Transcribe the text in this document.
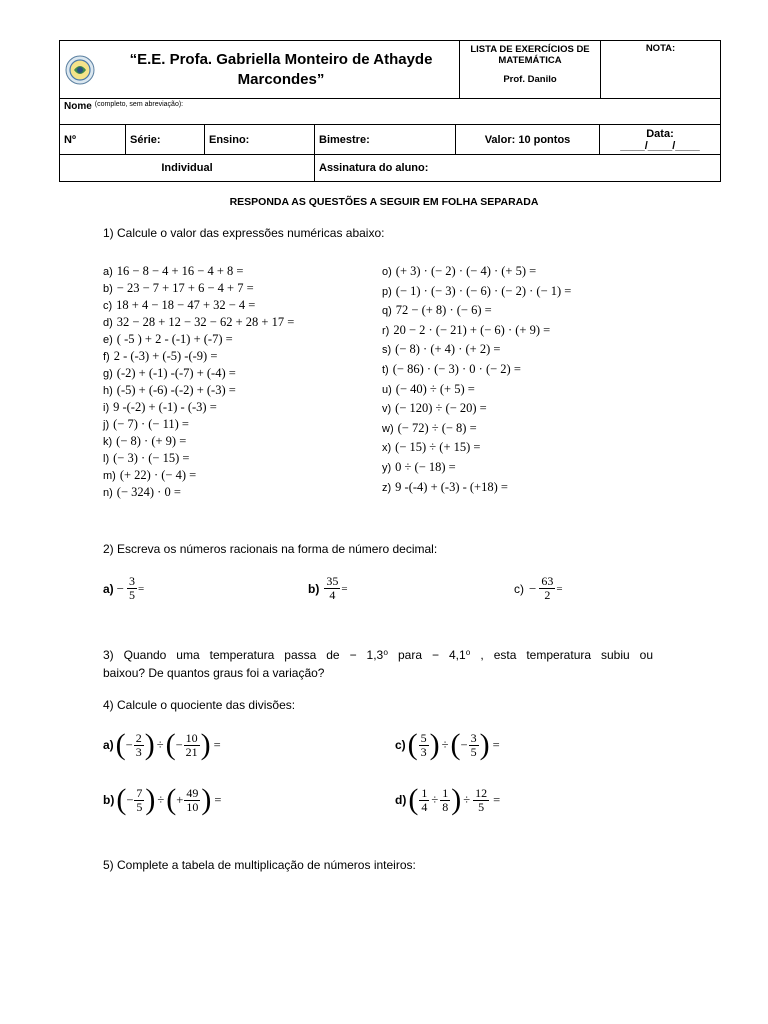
“E.E. Profa. Gabriella Monteiro de Athayde Marcondes”
LISTA DE EXERCÍCIOS DE
MATEMÁTICA
Prof. Danilo
NOTA:
Nome (completo, sem abreviação):
Nº	Série:	Ensino:	Bimestre:	Valor: 10 pontos	Data:
____/____/____
Individual	Assinatura do aluno:
RESPONDA AS QUESTÕES A SEGUIR EM FOLHA SEPARADA
1) Calcule o valor das expressões numéricas abaixo:
a) 16 − 8 − 4 + 16 − 4 + 8 =
b) − 23 − 7 + 17 + 6 − 4 + 7 =
c) 18 + 4 − 18 − 47 + 32 − 4 =
d) 32 − 28 + 12 − 32 − 62 + 28 + 17 =
e) ( -5 ) + 2 - (-1) + (-7) =
f) 2 - (-3) + (-5) -(-9) =
g) (-2) + (-1) -(-7) + (-4) =
h) (-5) + (-6) -(-2) + (-3) =
i) 9 -(-2) + (-1) - (-3) =
j) (− 7) · (− 11) =
k) (− 8) · (+ 9) =
l) (− 3) · (− 15) =
m) (+ 22) · (− 4) =
n) (− 324) · 0 =
o) (+ 3) · (− 2) · (− 4) · (+ 5) =
p) (− 1) · (− 3) · (− 6) · (− 2) · (− 1) =
q) 72 − (+ 8) · (− 6) =
r) 20 − 2 · (− 21) + (− 6) · (+ 9) =
s) (− 8) · (+ 4) · (+ 2) =
t) (− 86) · (− 3) · 0 · (− 2) =
u) (− 40) ÷ (+ 5) =
v) (− 120) ÷ (− 20) =
w) (− 72) ÷ (− 8) =
x) (− 15) ÷ (+ 15) =
y) 0 ÷ (− 18) =
z) 9 -(-4) + (-3) - (+18) =
2) Escreva os números racionais na forma de número decimal:
$a) - \frac{3}{5}$ =	$b) \frac{35}{4}$ =	$c) - \frac{63}{2}$ =
3) Quando uma temperatura passa de − 1,3⁰ para − 4,1⁰ , esta temperatura subiu ou
baixou? De quantos graus foi a variação?
4) Calcule o quociente das divisões:
a) ( − $\frac{2}{3}$ ) ÷ ( − $\frac{10}{21}$ ) =	c) ( $\frac{5}{3}$ ) ÷ ( − $\frac{3}{5}$ ) =
b) ( − $\frac{7}{5}$ ) ÷ ( + $\frac{49}{10}$ ) =	d) ( $\frac{1}{4} \div \frac{1}{8}$ ) ÷ $\frac{12}{5}$ =
5) Complete a tabela de multiplicação de números inteiros:
